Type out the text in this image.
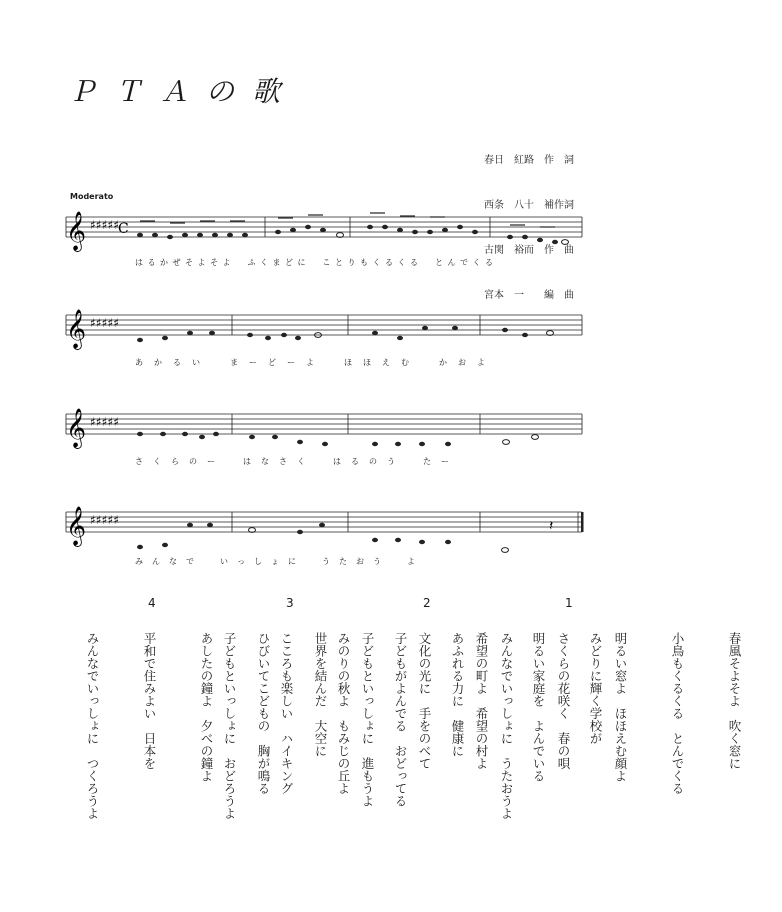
ＰＴＡの歌

春日　紅路　作　詞

西条　八十　補作詞

古関　裕而　作　曲

宮本　一　　編　曲

Moderato
𝄞 ♯♯♯♯♯
C
はるかぜそよそよ　ふくまどに　ことりもくるくる　とんでくる
𝄞 ♯♯♯♯♯
あかるい　まーどーよ　ほほえむ　かおよ
𝄞 ♯♯♯♯♯
さくらのー　はなさく　はるのう　たー
𝄞 ♯♯♯♯♯	𝄽
みんなで　いっしょに　うたおう　よ
1
2
3
4

春風そよそよ　吹く窓に

小鳥もくるくる　とんでくる

明るい窓よ　ほほえむ顔よ

さくらの花咲く　春の唄

みんなでいっしょに　うたおうよ

	みどりに輝く学校が

明るい家庭を　よんでいる

希望の町よ　希望の村よ

文化の光に　手をのべて

子どもといっしょに　進もうよ

	あふれる力に　健康に

子どもがよんでる　おどってる

みのりの秋よ　もみじの丘よ

こころも楽しい　ハイキング

子どもといっしょに　おどろうよ

	世界を結んだ　大空に

ひびいてこどもの　胸が鳴る

あしたの鐘よ　夕べの鐘よ

平和で住みよい　日本を

みんなでいっしょに　つくろうよ
